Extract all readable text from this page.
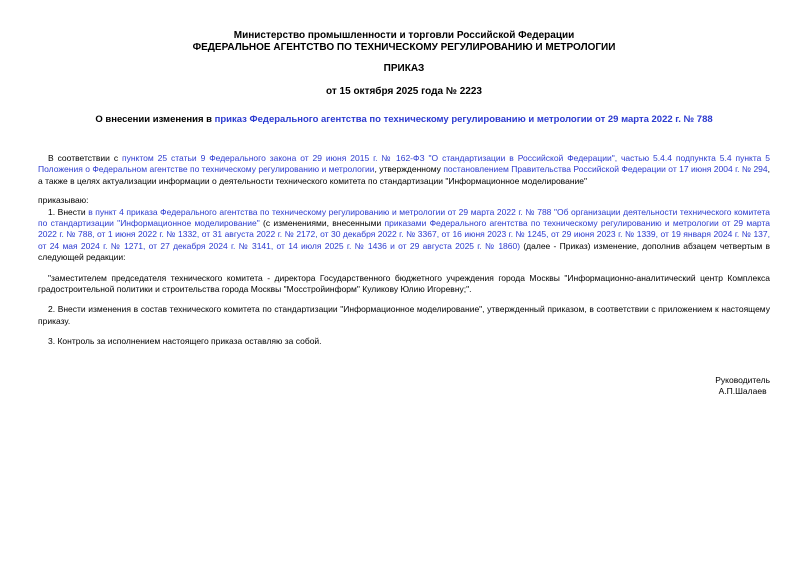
Министерство промышленности и торговли Российской Федерации
ФЕДЕРАЛЬНОЕ АГЕНТСТВО ПО ТЕХНИЧЕСКОМУ РЕГУЛИРОВАНИЮ И МЕТРОЛОГИИ
ПРИКАЗ
от 15 октября 2025 года № 2223
О внесении изменения в приказ Федерального агентства по техническому регулированию и метрологии от 29 марта 2022 г. № 788
В соответствии с пунктом 25 статьи 9 Федерального закона от 29 июня 2015 г. № 162-ФЗ "О стандартизации в Российской Федерации", частью 5.4.4 подпункта 5.4 пункта 5 Положения о Федеральном агентстве по техническому регулированию и метрологии, утвержденному постановлением Правительства Российской Федерации от 17 июня 2004 г. № 294, а также в целях актуализации информации о деятельности технического комитета по стандартизации "Информационное моделирование"
приказываю:
1. Внести в пункт 4 приказа Федерального агентства по техническому регулированию и метрологии от 29 марта 2022 г. № 788 "Об организации деятельности технического комитета по стандартизации "Информационное моделирование" (с изменениями, внесенными приказами Федерального агентства по техническому регулированию и метрологии от 29 марта 2022 г. № 788, от 1 июня 2022 г. № 1332, от 31 августа 2022 г. № 2172, от 30 декабря 2022 г. № 3367, от 16 июня 2023 г. № 1245, от 29 июня 2023 г. № 1339, от 19 января 2024 г. № 137, от 24 мая 2024 г. № 1271, от 27 декабря 2024 г. № 3141, от 14 июля 2025 г. № 1436 и от 29 августа 2025 г. № 1860) (далее - Приказ) изменение, дополнив абзацем четвертым в следующей редакции:
"заместителем председателя технического комитета - директора Государственного бюджетного учреждения города Москвы "Информационно-аналитический центр Комплекса градостроительной политики и строительства города Москвы "Мосстройинформ" Куликову Юлию Игоревну;".
2. Внести изменения в состав технического комитета по стандартизации "Информационное моделирование", утвержденный приказом, в соответствии с приложением к настоящему приказу.
3. Контроль за исполнением настоящего приказа оставляю за собой.
Руководитель
А.П.Шалаев
